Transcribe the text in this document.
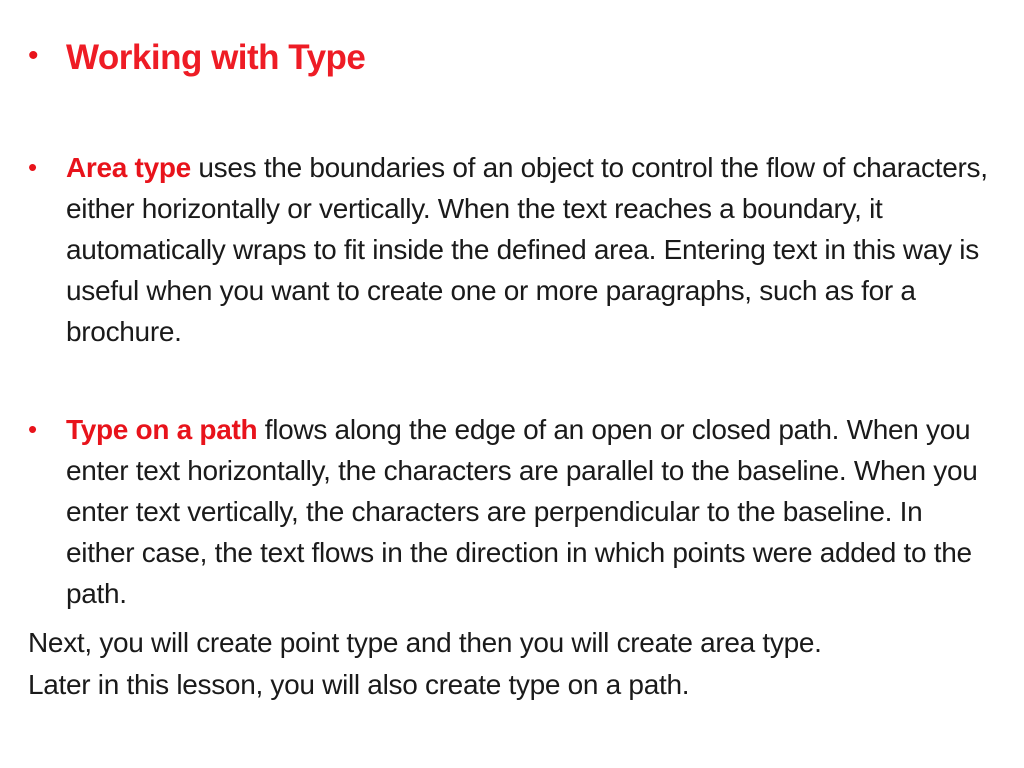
• Working with Type
• Area type uses the boundaries of an object to control the flow of characters, either horizontally or vertically. When the text reaches a boundary, it automatically wraps to fit inside the defined area. Entering text in this way is useful when you want to create one or more paragraphs, such as for a brochure.
• Type on a path flows along the edge of an open or closed path. When you enter text horizontally, the characters are parallel to the baseline. When you enter text vertically, the characters are perpendicular to the baseline. In either case, the text flows in the direction in which points were added to the path.
Next, you will create point type and then you will create area type.
Later in this lesson, you will also create type on a path.
